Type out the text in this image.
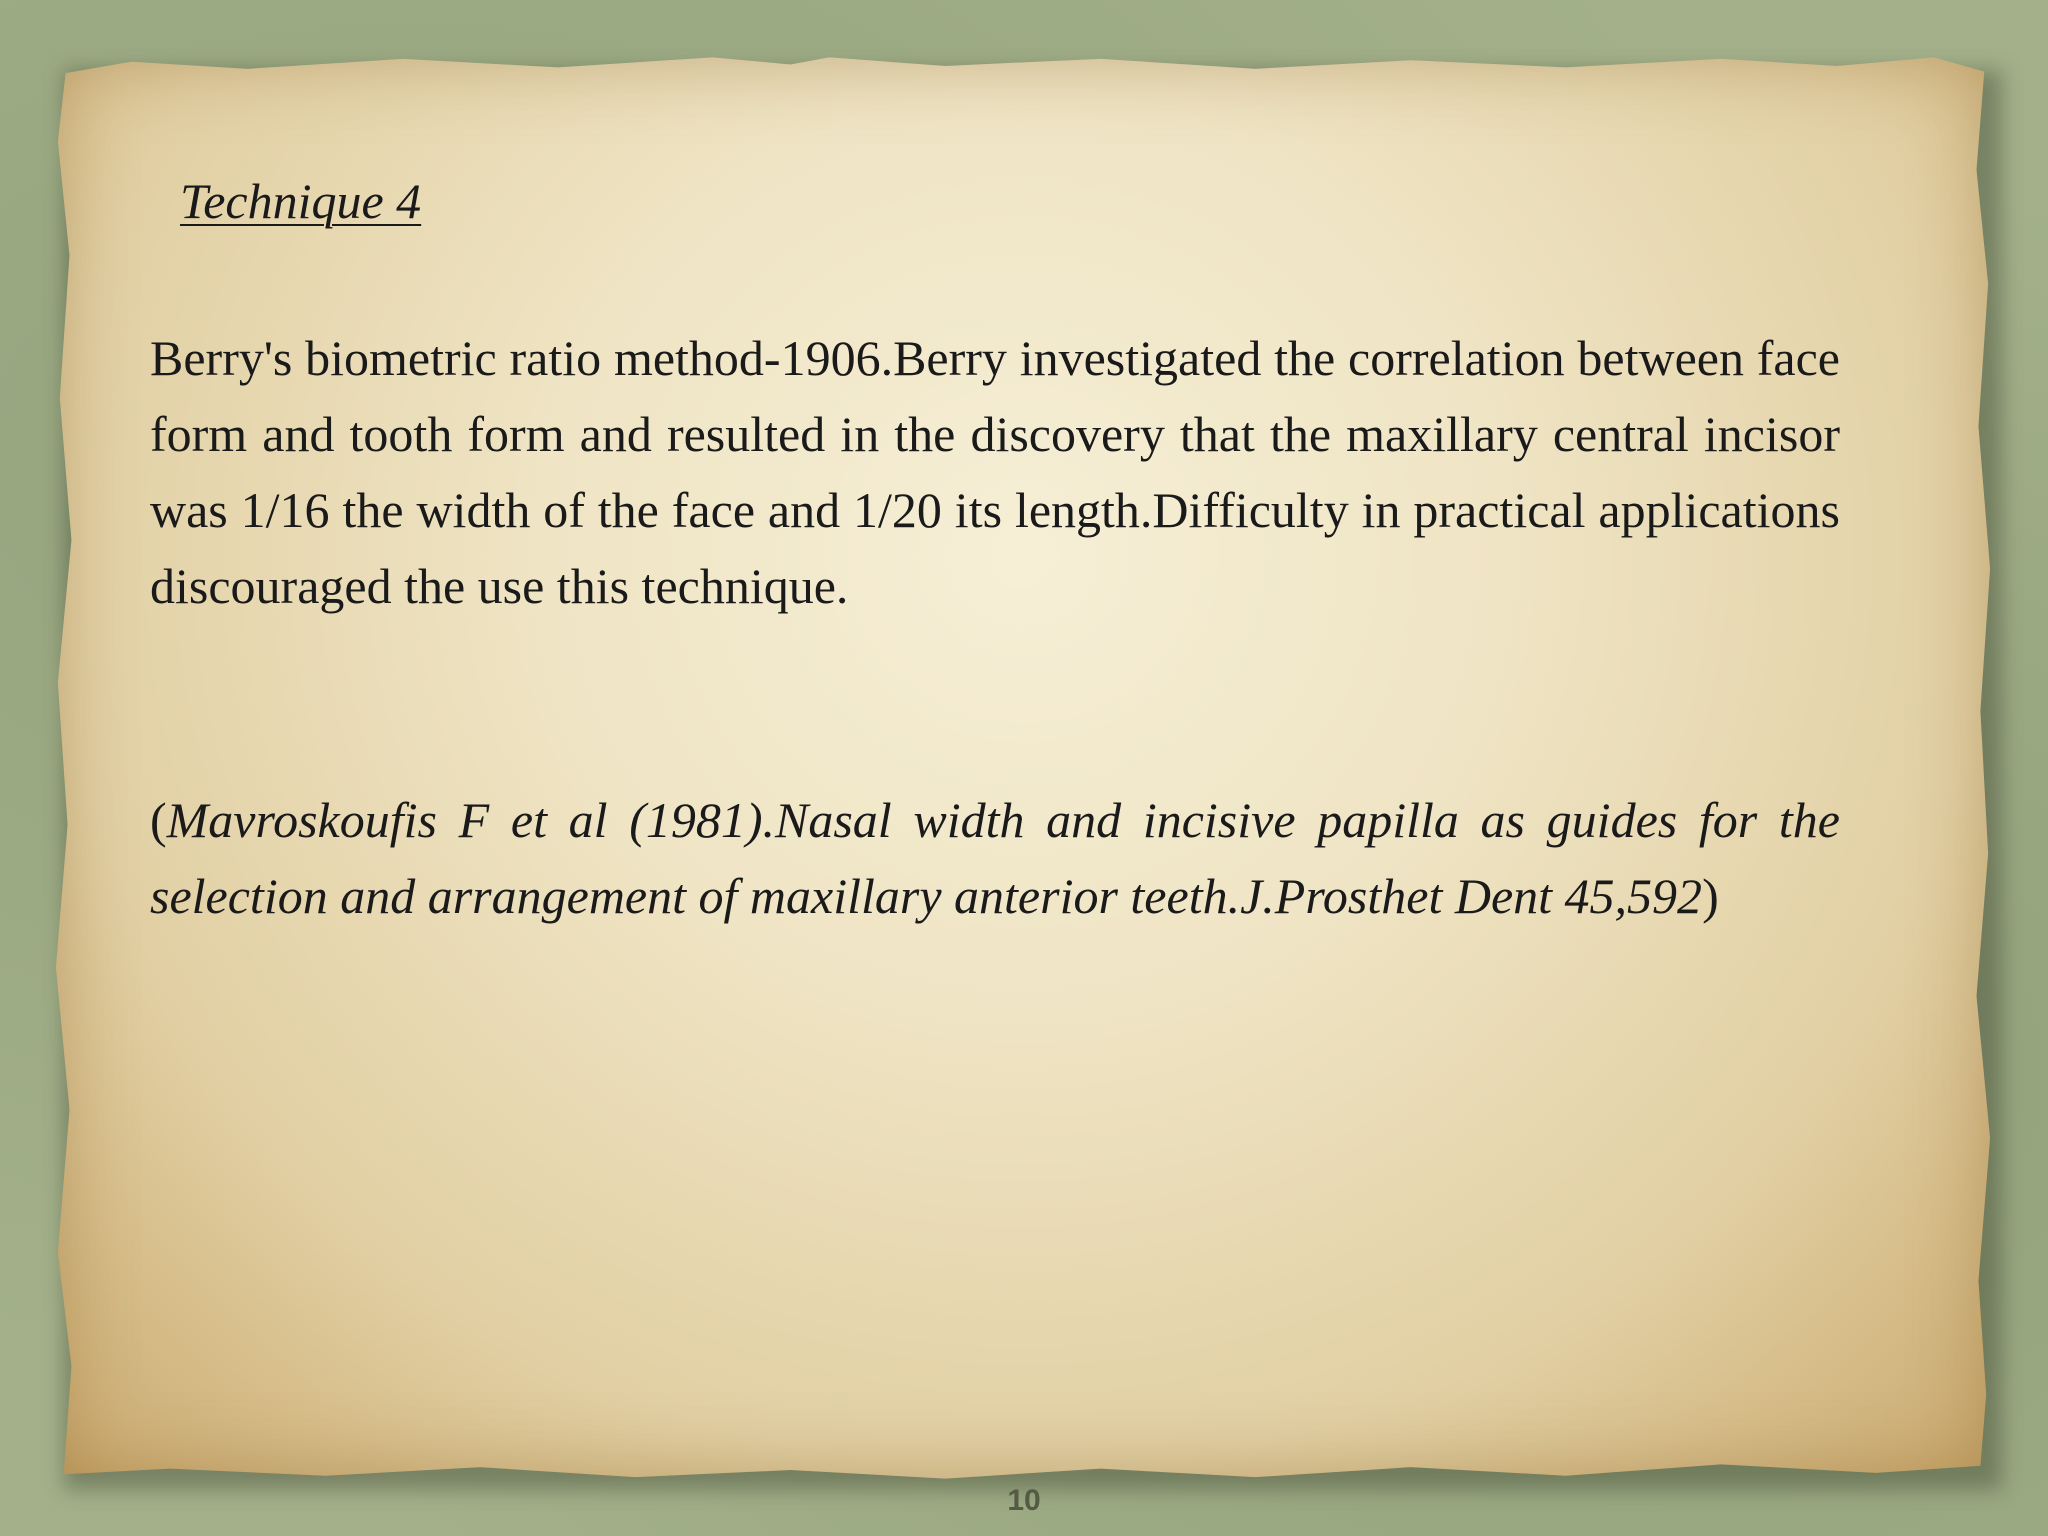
Technique 4

Berry's biometric ratio method-1906.Berry investigated the correlation between face form and tooth form and resulted in the discovery that the maxillary central incisor was 1/16 the width of the face and 1/20 its length.Difficulty in practical applications discouraged the use this technique.

(Mavroskoufis F et al (1981).Nasal width and incisive papilla as guides for the selection and arrangement of maxillary anterior teeth.J.Prosthet Dent 45,592)

10
